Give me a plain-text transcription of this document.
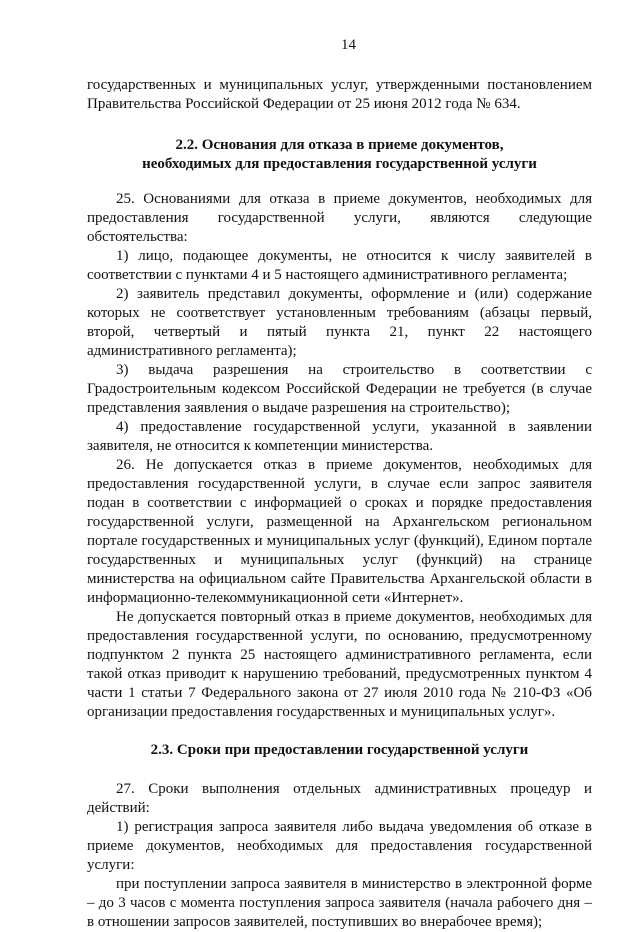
14

государственных и муниципальных услуг, утвержденными постановлением Правительства Российской Федерации от 25 июня 2012 года № 634.

2.2. Основания для отказа в приеме документов,
необходимых для предоставления государственной услуги

25. Основаниями для отказа в приеме документов, необходимых для предоставления государственной услуги, являются следующие обстоятельства:

1) лицо, подающее документы, не относится к числу заявителей в соответствии с пунктами 4 и 5 настоящего административного регламента;

2) заявитель представил документы, оформление и (или) содержание которых не соответствует установленным требованиям (абзацы первый, второй, четвертый и пятый пункта 21, пункт 22 настоящего административного регламента);

3) выдача разрешения на строительство в соответствии с Градостроительным кодексом Российской Федерации не требуется (в случае представления заявления о выдаче разрешения на строительство);

4) предоставление государственной услуги, указанной в заявлении заявителя, не относится к компетенции министерства.

26. Не допускается отказ в приеме документов, необходимых для предоставления государственной услуги, в случае если запрос заявителя подан в соответствии с информацией о сроках и порядке предоставления государственной услуги, размещенной на Архангельском региональном портале государственных и муниципальных услуг (функций), Едином портале государственных и муниципальных услуг (функций) на странице министерства на официальном сайте Правительства Архангельской области в информационно-телекоммуникационной сети «Интернет».

Не допускается повторный отказ в приеме документов, необходимых для предоставления государственной услуги, по основанию, предусмотренному подпунктом 2 пункта 25 настоящего административного регламента, если такой отказ приводит к нарушению требований, предусмотренных пунктом 4 части 1 статьи 7 Федерального закона от 27 июля 2010 года № 210-ФЗ «Об организации предоставления государственных и муниципальных услуг».

2.3. Сроки при предоставлении государственной услуги

27. Сроки выполнения отдельных административных процедур и действий:

1) регистрация запроса заявителя либо выдача уведомления об отказе в приеме документов, необходимых для предоставления государственной услуги:

при поступлении запроса заявителя в министерство в электронной форме – до 3 часов с момента поступления запроса заявителя (начала рабочего дня – в отношении запросов заявителей, поступивших во внерабочее время);
